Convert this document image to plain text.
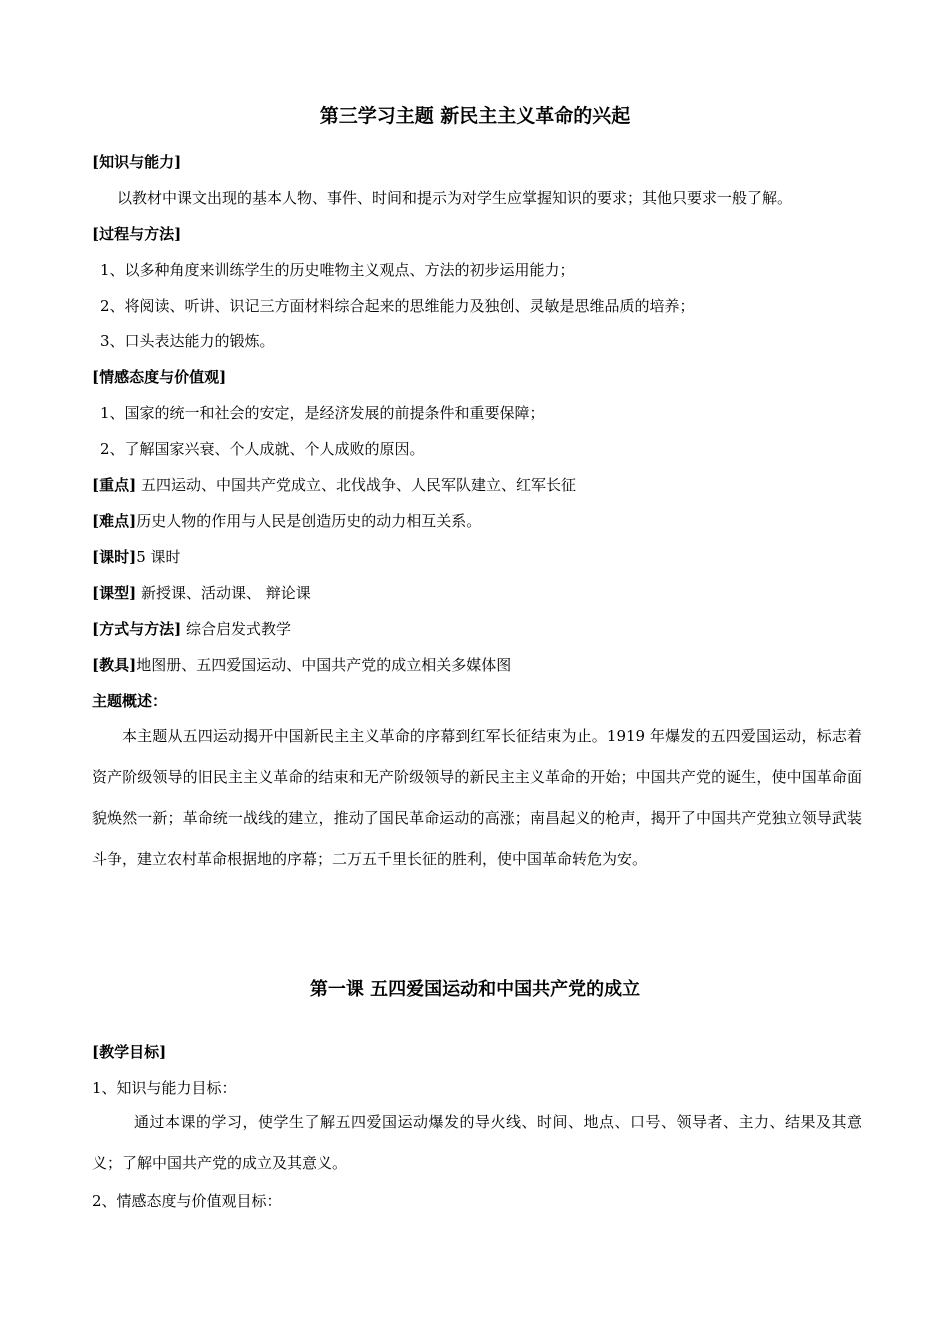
第三学习主题 新民主主义革命的兴起
[知识与能力]
以教材中课文出现的基本人物、事件、时间和提示为对学生应掌握知识的要求；其他只要求一般了解。
[过程与方法]
1、以多种角度来训练学生的历史唯物主义观点、方法的初步运用能力；
2、将阅读、听讲、识记三方面材料综合起来的思维能力及独创、灵敏是思维品质的培养；
3、口头表达能力的锻炼。
[情感态度与价值观]
1、国家的统一和社会的安定，是经济发展的前提条件和重要保障；
2、了解国家兴衰、个人成就、个人成败的原因。
[重点] 五四运动、中国共产党成立、北伐战争、人民军队建立、红军长征
[难点]历史人物的作用与人民是创造历史的动力相互关系。
[课时]5 课时
[课型] 新授课、活动课、 辩论课
[方式与方法] 综合启发式教学
[教具]地图册、五四爱国运动、中国共产党的成立相关多媒体图
主题概述：
本主题从五四运动揭开中国新民主主义革命的序幕到红军长征结束为止。1919 年爆发的五四爱国运动，标志着资产阶级领导的旧民主主义革命的结束和无产阶级领导的新民主主义革命的开始；中国共产党的诞生，使中国革命面貌焕然一新；革命统一战线的建立，推动了国民革命运动的高涨；南昌起义的枪声，揭开了中国共产党独立领导武装斗争，建立农村革命根据地的序幕；二万五千里长征的胜利，使中国革命转危为安。
第一课 五四爱国运动和中国共产党的成立
[教学目标]
1、知识与能力目标：
通过本课的学习，使学生了解五四爱国运动爆发的导火线、时间、地点、口号、领导者、主力、结果及其意义；了解中国共产党的成立及其意义。
2、情感态度与价值观目标：
